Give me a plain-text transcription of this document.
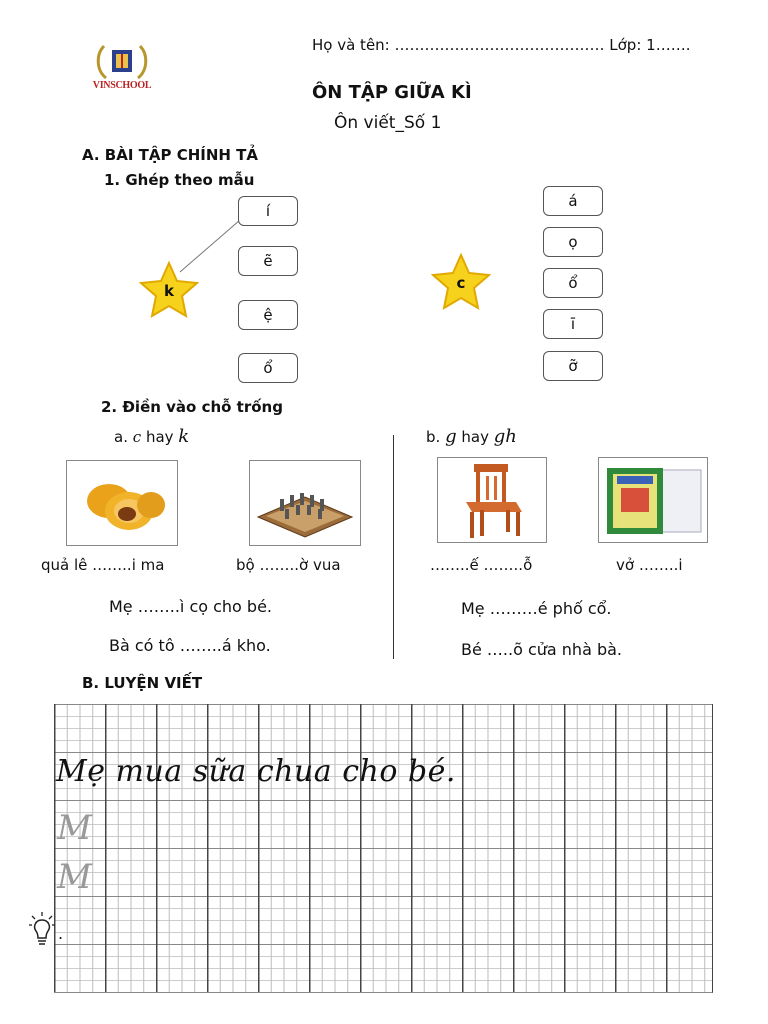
VINSCHOOL
Họ và tên: …………………………………… Lớp: 1…….
ÔN TẬP GIỮA KÌ
Ôn viết_Số 1
A. BÀI TẬP CHÍNH TẢ
1. Ghép theo mẫu
k
í
ẽ
ệ
ổ
c
á
ọ
ổ
ī
ỡ
2. Điền vào chỗ trống
a. c hay k	b. g hay gh
quả lê ……..i ma	bộ ……..ờ vua	……..ế ……..ỗ	vở ……..i
Mẹ ……..ì cọ cho bé.
Bà có tô ……..á kho.
Mẹ ………é phố cổ.
Bé …..õ cửa nhà bà.
B. LUYỆN VIẾT
Mẹ mua sữa chua cho bé.
M
M
.
